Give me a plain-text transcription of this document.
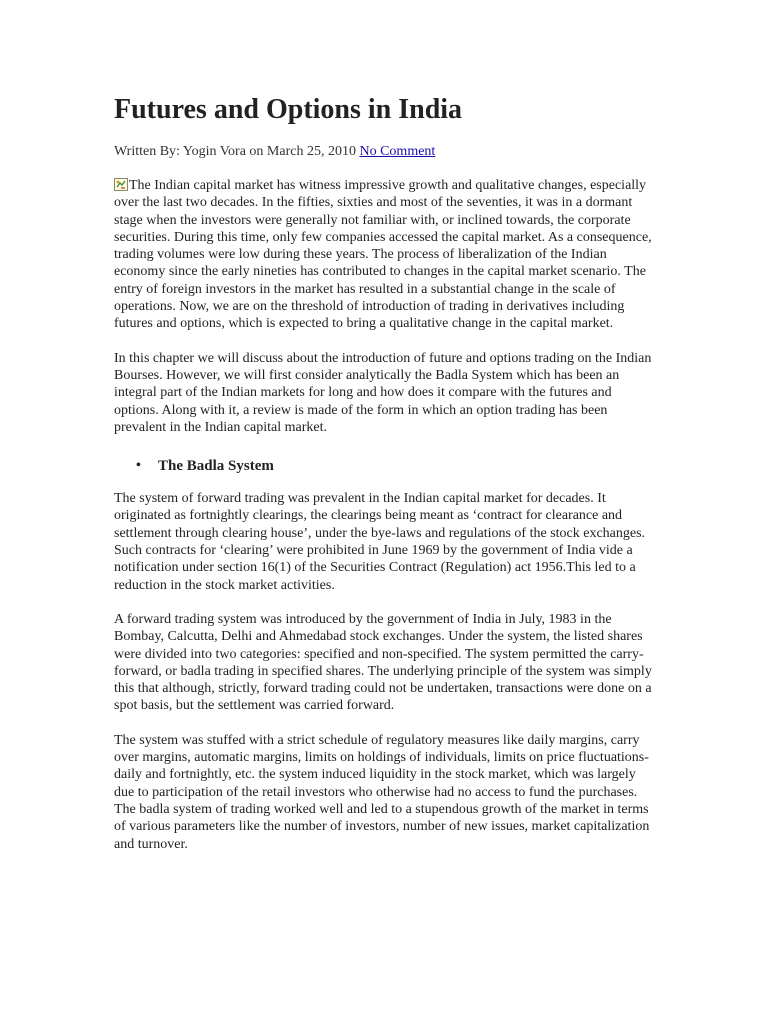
Futures and Options in India
Written By: Yogin Vora on March 25, 2010 No Comment

The Indian capital market has witness impressive growth and qualitative changes, especially over the last two decades. In the fifties, sixties and most of the seventies, it was in a dormant stage when the investors were generally not familiar with, or inclined towards, the corporate securities. During this time, only few companies accessed the capital market. As a consequence, trading volumes were low during these years. The process of liberalization of the Indian economy since the early nineties has contributed to changes in the capital market scenario. The entry of foreign investors in the market has resulted in a substantial change in the scale of operations. Now, we are on the threshold of introduction of trading in derivatives including futures and options, which is expected to bring a qualitative change in the capital market.

In this chapter we will discuss about the introduction of future and options trading on the Indian Bourses. However, we will first consider analytically the Badla System which has been an integral part of the Indian markets for long and how does it compare with the futures and options. Along with it, a review is made of the form in which an option trading has been prevalent in the Indian capital market.

• The Badla System

The system of forward trading was prevalent in the Indian capital market for decades. It originated as fortnightly clearings, the clearings being meant as ‘contract for clearance and settlement through clearing house’, under the bye-laws and regulations of the stock exchanges. Such contracts for ‘clearing’ were prohibited in June 1969 by the government of India vide a notification under section 16(1) of the Securities Contract (Regulation) act 1956.This led to a reduction in the stock market activities.

A forward trading system was introduced by the government of India in July, 1983 in the Bombay, Calcutta, Delhi and Ahmedabad stock exchanges. Under the system, the listed shares were divided into two categories: specified and non-specified. The system permitted the carry- forward, or badla trading in specified shares. The underlying principle of the system was simply this that although, strictly, forward trading could not be undertaken, transactions were done on a spot basis, but the settlement was carried forward.

The system was stuffed with a strict schedule of regulatory measures like daily margins, carry over margins, automatic margins, limits on holdings of individuals, limits on price fluctuations- daily and fortnightly, etc. the system induced liquidity in the stock market, which was largely due to participation of the retail investors who otherwise had no access to fund the purchases. The badla system of trading worked well and led to a stupendous growth of the market in terms of various parameters like the number of investors, number of new issues, market capitalization and turnover.
